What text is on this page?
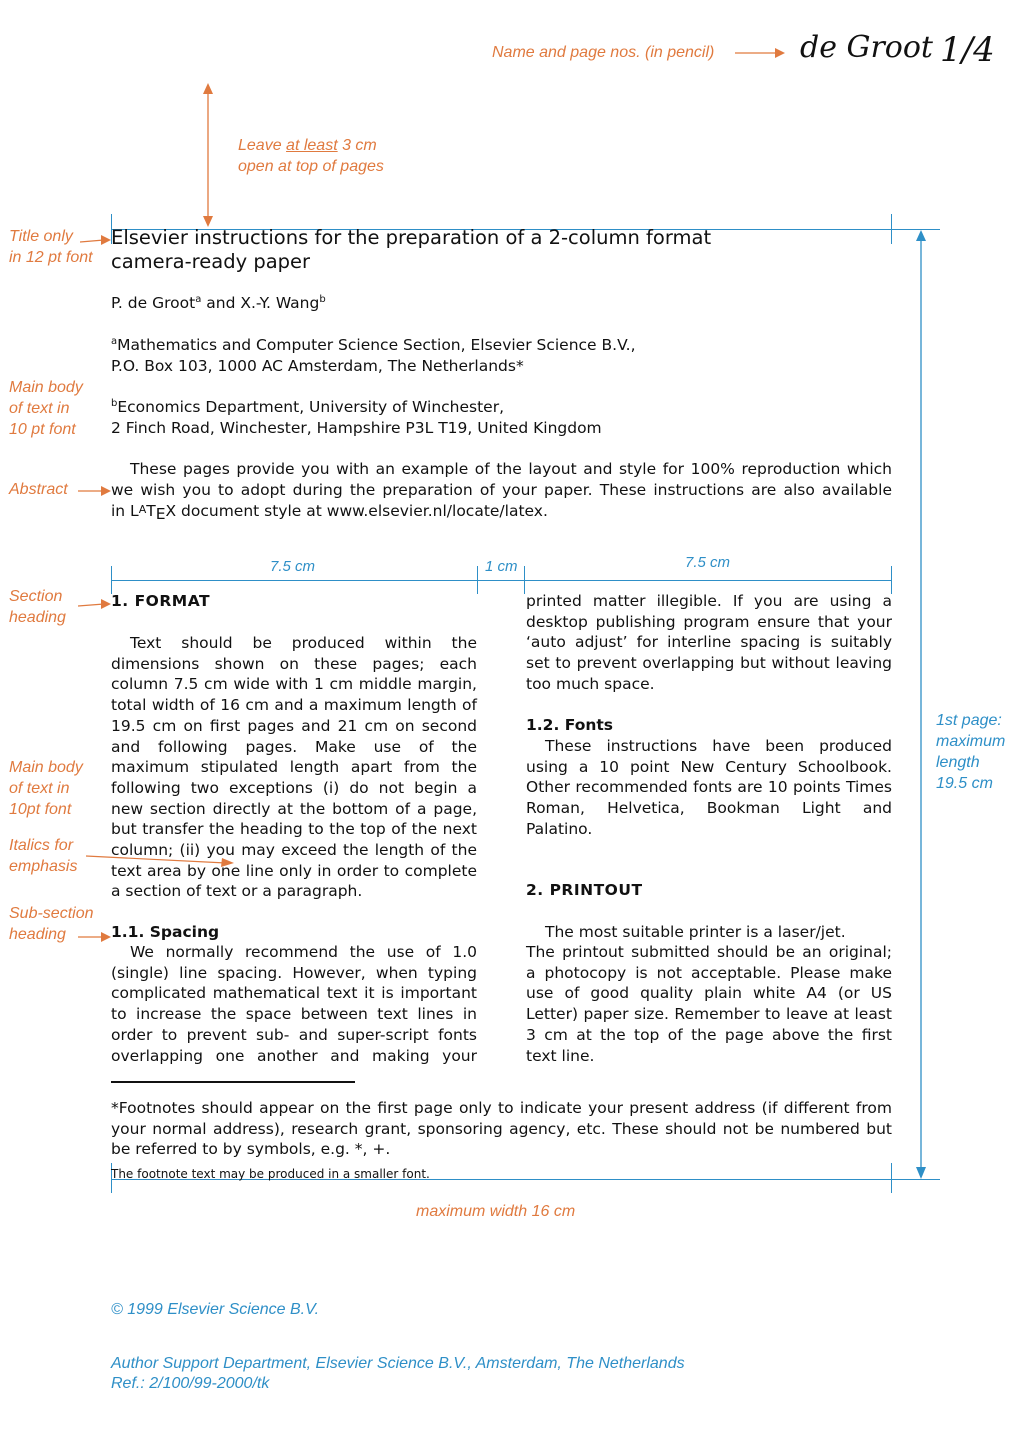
Name and page nos. (in pencil)	de Groot 1/4
Leave at least 3 cm
open at top of pages
1st page:
maximum
length
19.5 cm
Title only
in 12 pt font
Main body
of text in
10 pt font
Abstract
Section
heading
Main body
of text in
10pt font
Italics for
emphasis
Sub-section
heading
Elsevier instructions for the preparation of a 2-column format
camera-ready paper
P. de Groot$^a$ and X.-Y. Wang$^b$
$^a$Mathematics and Computer Science Section, Elsevier Science B.V.,
P.O. Box 103, 1000 AC Amsterdam, The Netherlands*
$^b$Economics Department, University of Winchester,
2 Finch Road, Winchester, Hampshire P3L T19, United Kingdom
These pages provide you with an example of the layout and style for 100% reproduction which
we wish you to adopt during the preparation of your paper. These instructions are also available
in LATEX document style at www.elsevier.nl/locate/latex.
7.5 cm	1 cm	7.5 cm
1. FORMAT
Text should be produced within the dimensions shown on these pages; each column 7.5 cm wide with 1 cm middle margin, total width of 16 cm and a maximum length of 19.5 cm on first pages and 21 cm on second and following pages. Make use of the maximum stipulated length apart from the following two exceptions (i) do not begin a new section directly at the bottom of a page, but transfer the heading to the top of the next column; (ii) you may exceed the length of the text area by one line only in order to complete a section of text or a paragraph.
1.1. Spacing
We normally recommend the use of 1.0 (single) line spacing. However, when typing complicated mathematical text it is important to increase the space between text lines in order to prevent sub- and super-script fonts overlapping one another and making your
printed matter illegible. If you are using a desktop publishing program ensure that your ‘auto adjust’ for interline spacing is suitably set to prevent overlapping but without leaving too much space.
1.2. Fonts
These instructions have been produced using a 10 point New Century Schoolbook. Other recommended fonts are 10 points Times Roman, Helvetica, Bookman Light and Palatino.
2. PRINTOUT
The most suitable printer is a laser/jet.
The printout submitted should be an original; a photocopy is not acceptable. Please make use of good quality plain white A4 (or US Letter) paper size. Remember to leave at least 3 cm at the top of the page above the first text line.
*Footnotes should appear on the first page only to indicate your present address (if different from your normal address), research grant, sponsoring agency, etc. These should not be numbered but be referred to by symbols, e.g. *, +.
The footnote text may be produced in a smaller font.
maximum width 16 cm
© 1999 Elsevier Science B.V.
Author Support Department, Elsevier Science B.V., Amsterdam, The Netherlands
Ref.: 2/100/99-2000/tk
